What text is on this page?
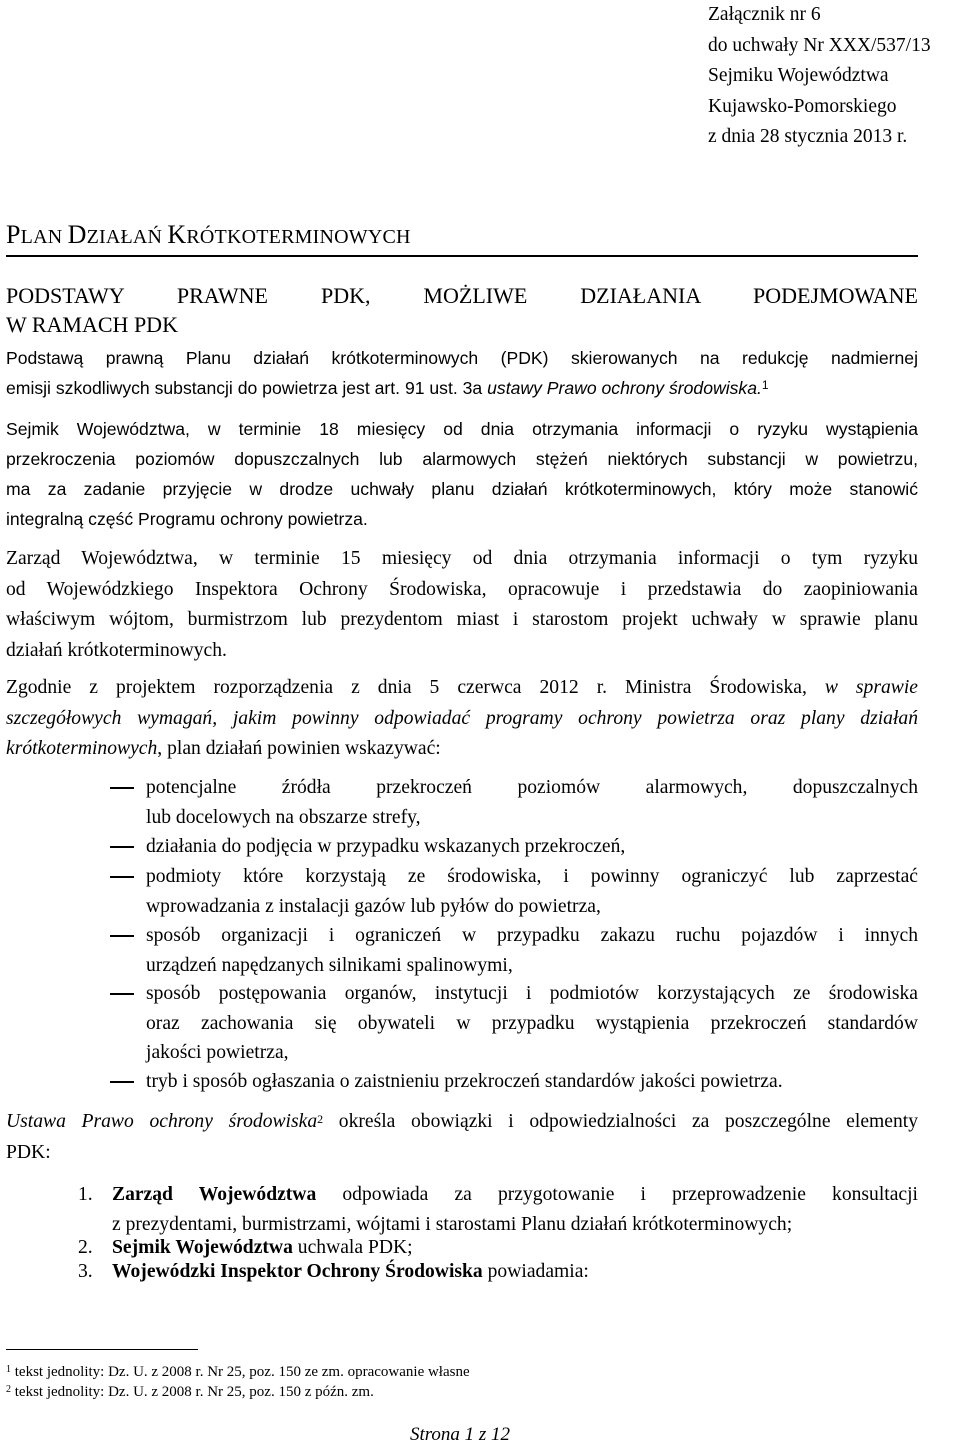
Załącznik nr 6
do uchwały Nr XXX/537/13
Sejmiku Województwa
Kujawsko-Pomorskiego
z dnia 28 stycznia 2013 r.
PLAN DZIAŁAŃ KRÓTKOTERMINOWYCH
PODSTAWY PRAWNE PDK, MOŻLIWE DZIAŁANIA PODEJMOWANE
W RAMACH PDK
Podstawą prawną Planu działań krótkoterminowych (PDK) skierowanych na redukcję nadmiernej
emisji szkodliwych substancji do powietrza jest art. 91 ust. 3a ustawy Prawo ochrony środowiska.$^1$
Sejmik Województwa, w terminie 18 miesięcy od dnia otrzymania informacji o ryzyku wystąpienia
przekroczenia poziomów dopuszczalnych lub alarmowych stężeń niektórych substancji w powietrzu,
ma za zadanie przyjęcie w drodze uchwały planu działań krótkoterminowych, który może stanowić
integralną część Programu ochrony powietrza.
Zarząd Województwa, w terminie 15 miesięcy od dnia otrzymania informacji o tym ryzyku
od Wojewódzkiego Inspektora Ochrony Środowiska, opracowuje i przedstawia do zaopiniowania
właściwym wójtom, burmistrzom lub prezydentom miast i starostom projekt uchwały w sprawie planu
działań krótkoterminowych.
Zgodnie z projektem rozporządzenia z dnia 5 czerwca 2012 r. Ministra Środowiska, w sprawie
szczegółowych wymagań, jakim powinny odpowiadać programy ochrony powietrza oraz plany działań
krótkoterminowych, plan działań powinien wskazywać:
potencjalne źródła przekroczeń poziomów alarmowych, dopuszczalnych
lub docelowych na obszarze strefy,
działania do podjęcia w przypadku wskazanych przekroczeń,
podmioty które korzystają ze środowiska, i powinny ograniczyć lub zaprzestać
wprowadzania z instalacji gazów lub pyłów do powietrza,
sposób organizacji i ograniczeń w przypadku zakazu ruchu pojazdów i innych
urządzeń napędzanych silnikami spalinowymi,
sposób postępowania organów, instytucji i podmiotów korzystających ze środowiska
oraz zachowania się obywateli w przypadku wystąpienia przekroczeń standardów
jakości powietrza,
tryb i sposób ogłaszania o zaistnieniu przekroczeń standardów jakości powietrza.
Ustawa Prawo ochrony środowiska$^2$ określa obowiązki i odpowiedzialności za poszczególne elementy
PDK:
1. Zarząd Województwa odpowiada za przygotowanie i przeprowadzenie konsultacji
z prezydentami, burmistrzami, wójtami i starostami Planu działań krótkoterminowych;
2. Sejmik Województwa uchwala PDK;
3. Wojewódzki Inspektor Ochrony Środowiska powiadamia:
$^1$ tekst jednolity: Dz. U. z 2008 r. Nr 25, poz. 150 ze zm. opracowanie własne
$^2$ tekst jednolity: Dz. U. z 2008 r. Nr 25, poz. 150 z późn. zm.
Strona 1 z 12
